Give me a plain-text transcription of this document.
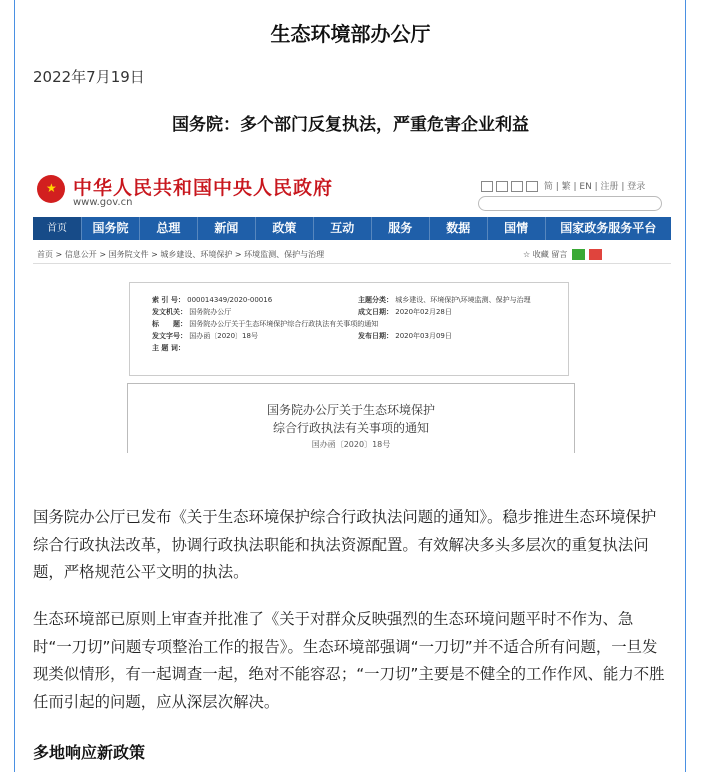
生态环境部办公厅
2022年7月19日
国务院：多个部门反复执法，严重危害企业利益
★ 中华人民共和国中央人民政府
www.gov.cn
简 | 繁 | EN | 注册 | 登录
首页	国务院	总理	新闻	政策	互动	服务	数据	国情	国家政务服务平台
首页 > 信息公开 > 国务院文件 > 城乡建设、环境保护 > 环境监测、保护与治理	☆ 收藏 留言
索 引 号： 000014349/2020-00016	主题分类： 城乡建设、环境保护\环境监测、保护与治理
发文机关： 国务院办公厅	成文日期： 2020年02月28日
标　　题： 国务院办公厅关于生态环境保护综合行政执法有关事项的通知
发文字号： 国办函〔2020〕18号	发布日期： 2020年03月09日
主 题 词：
国务院办公厅关于生态环境保护
综合行政执法有关事项的通知
国办函〔2020〕18号
国务院办公厅已发布《关于生态环境保护综合行政执法问题的通知》。稳步推进生态环境保护综合行政执法改革，协调行政执法职能和执法资源配置。有效解决多头多层次的重复执法问题，严格规范公平文明的执法。
生态环境部已原则上审查并批准了《关于对群众反映强烈的生态环境问题平时不作为、急时“一刀切”问题专项整治工作的报告》。生态环境部强调“一刀切”并不适合所有问题，一旦发现类似情形，有一起调查一起，绝对不能容忍；“一刀切”主要是不健全的工作作风、能力不胜任而引起的问题，应从深层次解决。
多地响应新政策
